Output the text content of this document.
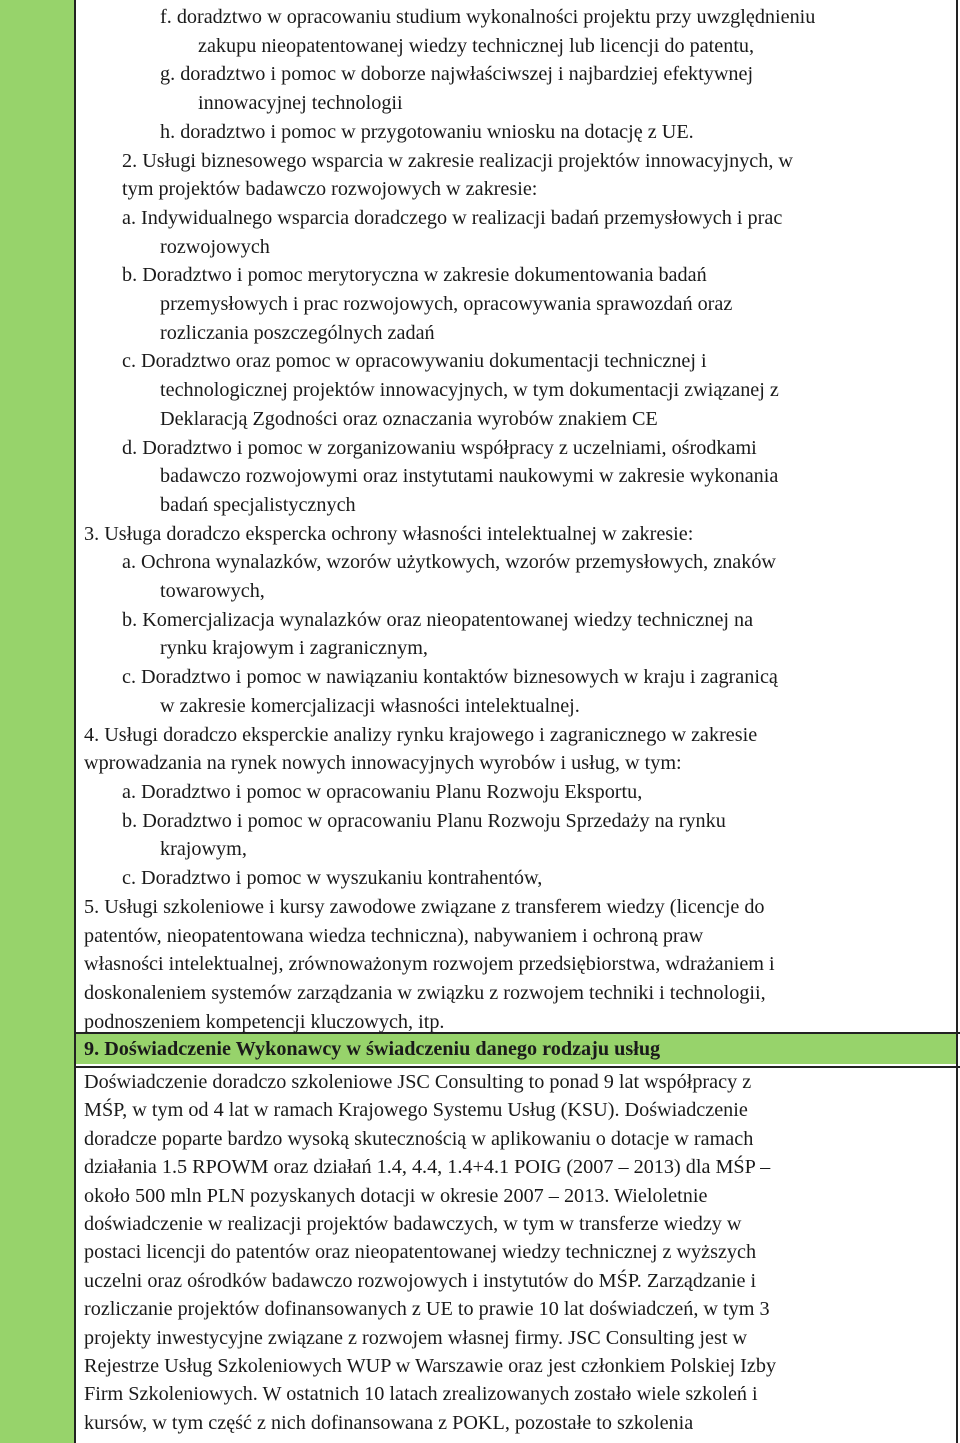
f. doradztwo w opracowaniu studium wykonalności projektu przy uwzględnieniu
zakupu nieopatentowanej wiedzy technicznej lub licencji do patentu,
g. doradztwo i pomoc w doborze najwłaściwszej i najbardziej efektywnej
innowacyjnej technologii
h. doradztwo i pomoc w przygotowaniu wniosku na dotację z UE.
2. Usługi biznesowego wsparcia w zakresie realizacji projektów innowacyjnych, w
tym projektów badawczo rozwojowych w zakresie:
a. Indywidualnego wsparcia doradczego w realizacji badań przemysłowych i prac
rozwojowych
b. Doradztwo i pomoc merytoryczna w zakresie dokumentowania badań
przemysłowych i prac rozwojowych, opracowywania sprawozdań oraz
rozliczania poszczególnych zadań
c. Doradztwo oraz pomoc w opracowywaniu dokumentacji technicznej i
technologicznej projektów innowacyjnych, w tym dokumentacji związanej z
Deklaracją Zgodności oraz oznaczania wyrobów znakiem CE
d. Doradztwo i pomoc w zorganizowaniu współpracy z uczelniami, ośrodkami
badawczo rozwojowymi oraz instytutami naukowymi w zakresie wykonania
badań specjalistycznych
3. Usługa doradczo ekspercka ochrony własności intelektualnej w zakresie:
a. Ochrona wynalazków, wzorów użytkowych, wzorów przemysłowych, znaków
towarowych,
b. Komercjalizacja wynalazków oraz nieopatentowanej wiedzy technicznej na
rynku krajowym i zagranicznym,
c. Doradztwo i pomoc w nawiązaniu kontaktów biznesowych w kraju i zagranicą
w zakresie komercjalizacji własności intelektualnej.
4. Usługi doradczo eksperckie analizy rynku krajowego i zagranicznego w zakresie
wprowadzania na rynek nowych innowacyjnych wyrobów i usług, w tym:
a. Doradztwo i pomoc w opracowaniu Planu Rozwoju Eksportu,
b. Doradztwo i pomoc w opracowaniu Planu Rozwoju Sprzedaży na rynku
krajowym,
c. Doradztwo i pomoc w wyszukaniu kontrahentów,
5. Usługi szkoleniowe i kursy zawodowe związane z transferem wiedzy (licencje do
patentów, nieopatentowana wiedza techniczna), nabywaniem i ochroną praw
własności intelektualnej, zrównoważonym rozwojem przedsiębiorstwa, wdrażaniem i
doskonaleniem systemów zarządzania w związku z rozwojem techniki i technologii,
podnoszeniem kompetencji kluczowych, itp.
9. Doświadczenie Wykonawcy w świadczeniu danego rodzaju usług
Doświadczenie doradczo szkoleniowe JSC Consulting to ponad 9 lat współpracy z
MŚP, w tym od 4 lat w ramach Krajowego Systemu Usług (KSU). Doświadczenie
doradcze poparte bardzo wysoką skutecznością w aplikowaniu o dotacje w ramach
działania 1.5 RPOWM oraz działań 1.4, 4.4, 1.4+4.1 POIG (2007 – 2013) dla MŚP –
około 500 mln PLN pozyskanych dotacji w okresie 2007 – 2013. Wieloletnie
doświadczenie w realizacji projektów badawczych, w tym w transferze wiedzy w
postaci licencji do patentów oraz nieopatentowanej wiedzy technicznej z wyższych
uczelni oraz ośrodków badawczo rozwojowych i instytutów do MŚP. Zarządzanie i
rozliczanie projektów dofinansowanych z UE to prawie 10 lat doświadczeń, w tym 3
projekty inwestycyjne związane z rozwojem własnej firmy. JSC Consulting jest w
Rejestrze Usług Szkoleniowych WUP w Warszawie oraz jest członkiem Polskiej Izby
Firm Szkoleniowych. W ostatnich 10 latach zrealizowanych zostało wiele szkoleń i
kursów, w tym część z nich dofinansowana z POKL, pozostałe to szkolenia
